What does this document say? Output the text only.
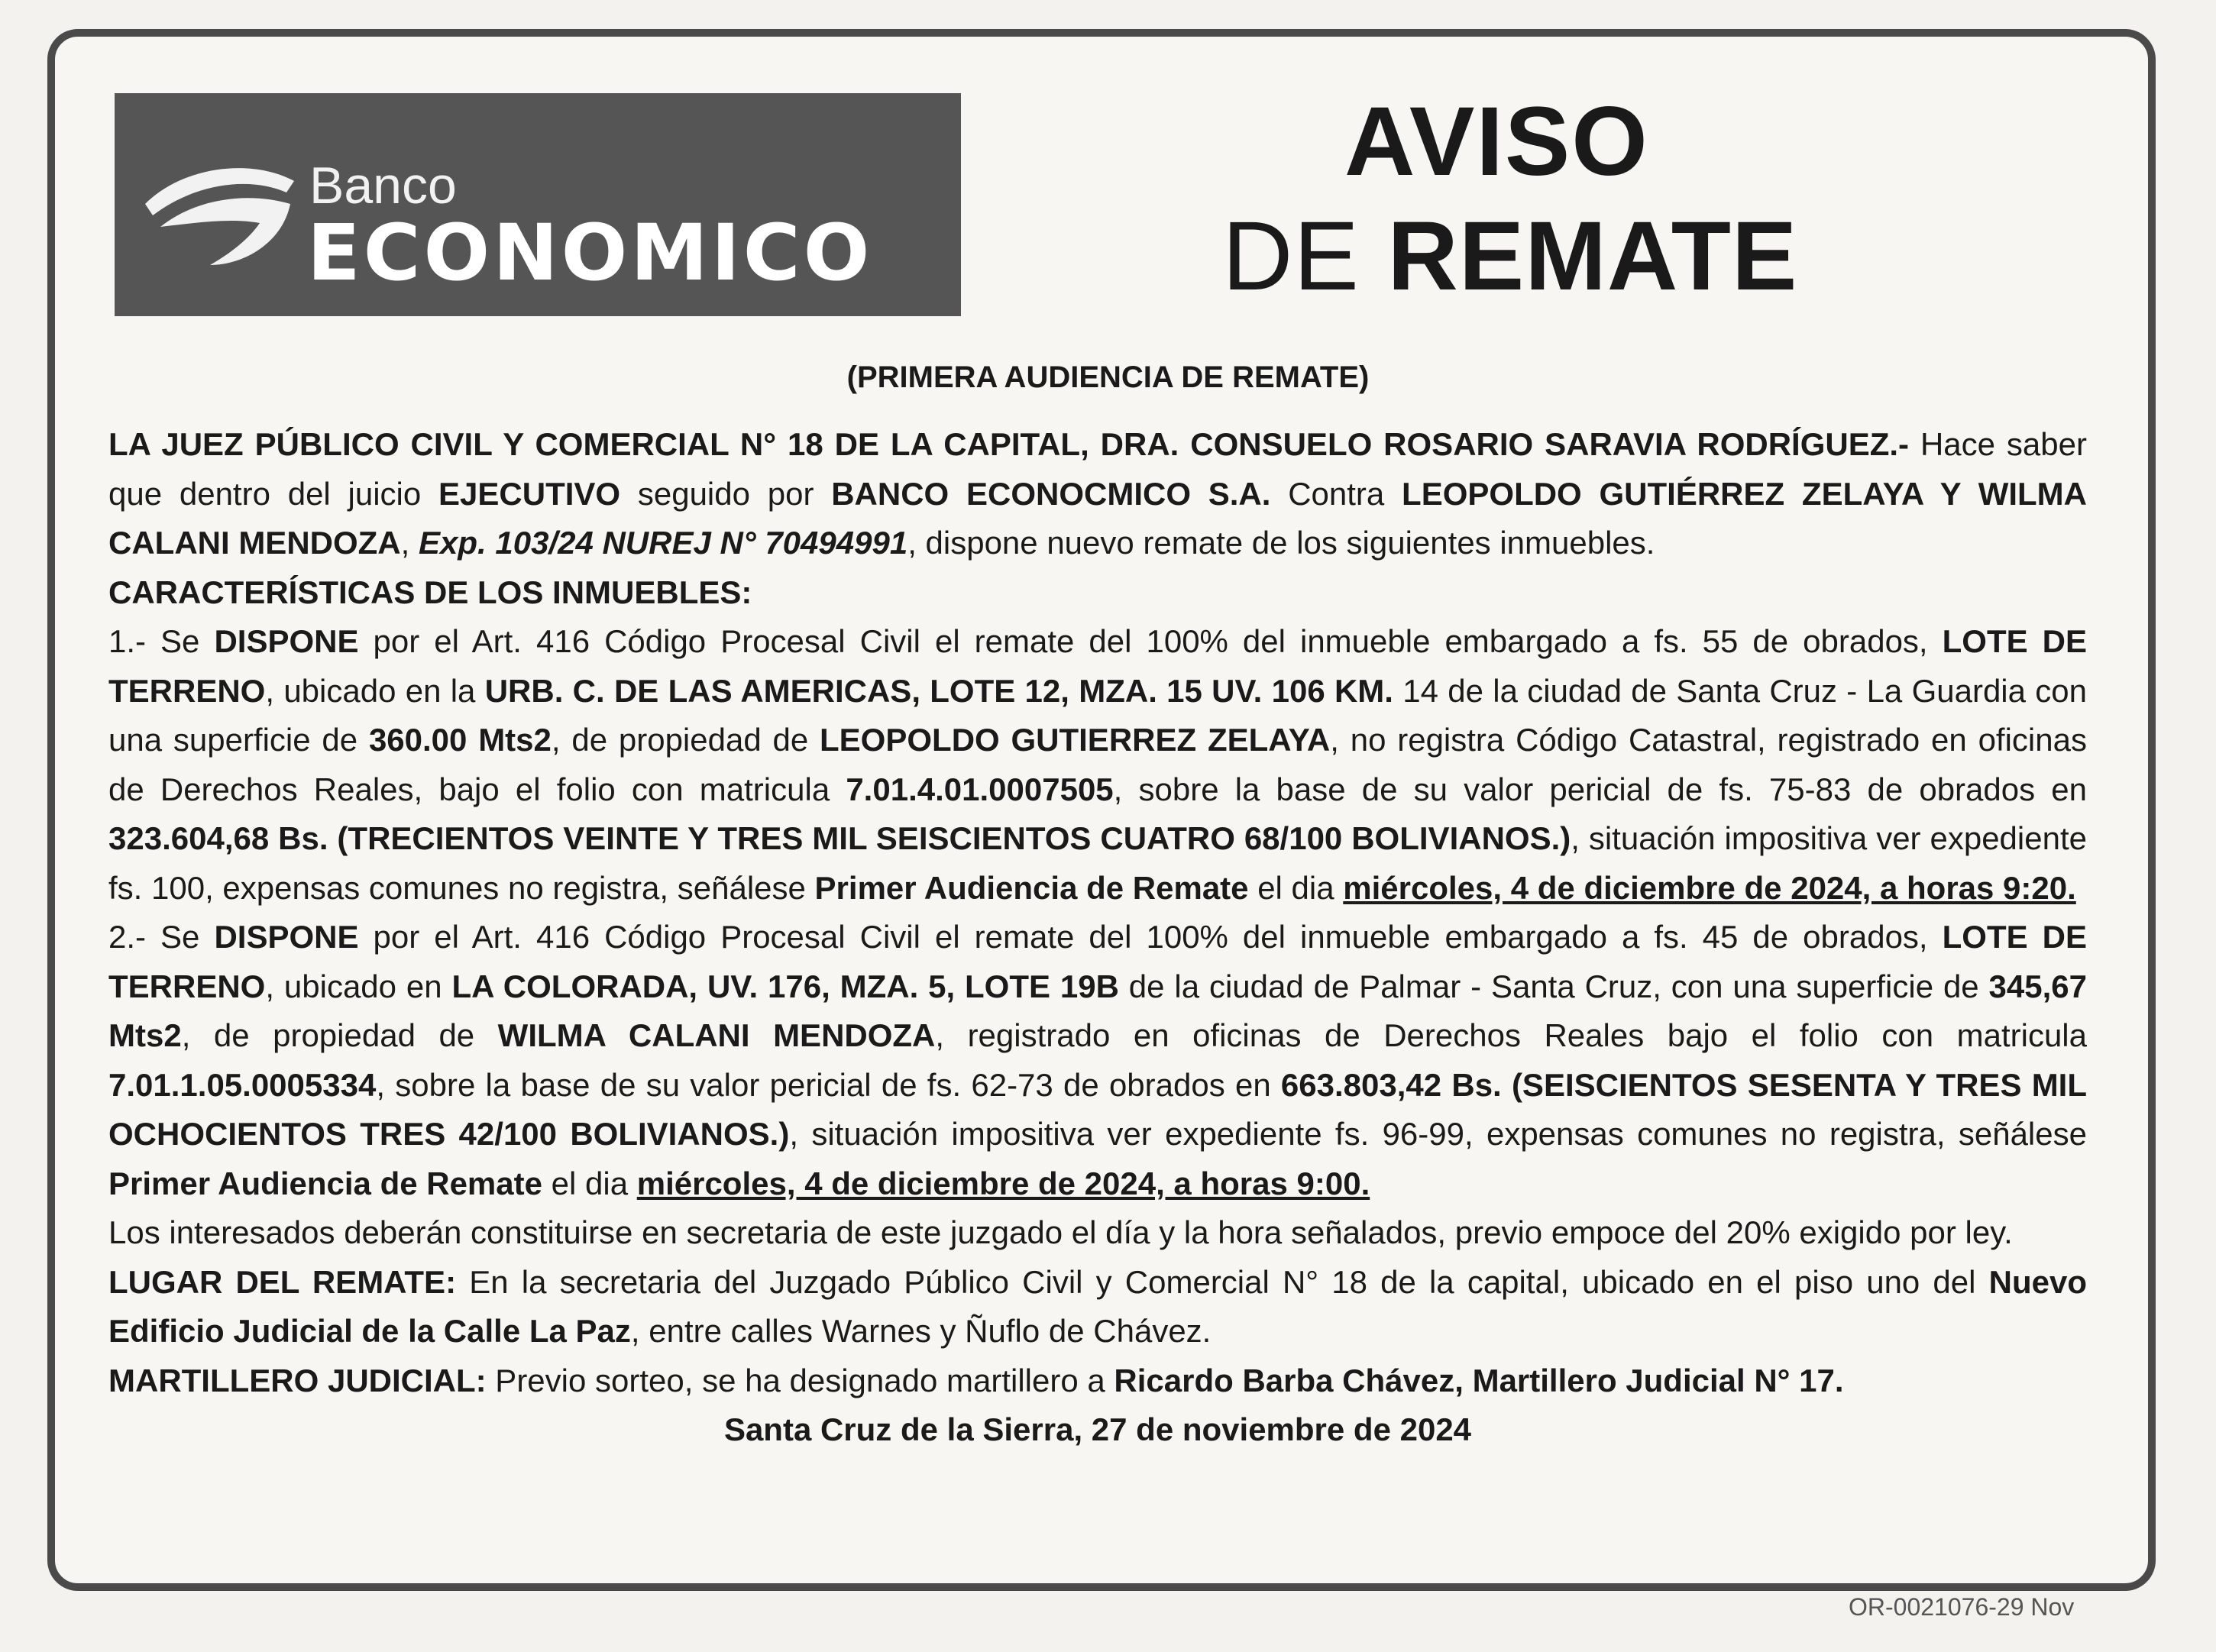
Banco
ECONOMICO
AVISO
DE REMATE
(PRIMERA AUDIENCIA DE REMATE)

LA JUEZ PÚBLICO CIVIL Y COMERCIAL N° 18 DE LA CAPITAL, DRA. CONSUELO ROSARIO SARAVIA RODRÍGUEZ.- Hace saber que dentro del juicio EJECUTIVO seguido por BANCO ECONOCMICO S.A. Contra LEOPOLDO GUTIÉRREZ ZELAYA Y WILMA CALANI MENDOZA, Exp. 103/24 NUREJ N° 70494991, dispone nuevo remate de los siguientes inmuebles.

CARACTERÍSTICAS DE LOS INMUEBLES:

1.- Se DISPONE por el Art. 416 Código Procesal Civil el remate del 100% del inmueble embargado a fs. 55 de obrados, LOTE DE TERRENO, ubicado en la URB. C. DE LAS AMERICAS, LOTE 12, MZA. 15 UV. 106 KM. 14 de la ciudad de Santa Cruz - La Guardia con una superficie de 360.00 Mts2, de propiedad de LEOPOLDO GUTIERREZ ZELAYA, no registra Código Catastral, registrado en oficinas de Derechos Reales, bajo el folio con matricula 7.01.4.01.0007505, sobre la base de su valor pericial de fs. 75-83 de obrados en 323.604,68 Bs. (TRECIENTOS VEINTE Y TRES MIL SEISCIENTOS CUATRO 68/100 BOLIVIANOS.), situación impositiva ver expediente fs. 100, expensas comunes no registra, señálese Primer Audiencia de Remate el dia miércoles, 4 de diciembre de 2024, a horas 9:20.

2.- Se DISPONE por el Art. 416 Código Procesal Civil el remate del 100% del inmueble embargado a fs. 45 de obrados, LOTE DE TERRENO, ubicado en LA COLORADA, UV. 176, MZA. 5, LOTE 19B de la ciudad de Palmar - Santa Cruz, con una superficie de 345,67 Mts2, de propiedad de WILMA CALANI MENDOZA, registrado en oficinas de Derechos Reales bajo el folio con matricula 7.01.1.05.0005334, sobre la base de su valor pericial de fs. 62-73 de obrados en 663.803,42 Bs. (SEISCIENTOS SESENTA Y TRES MIL OCHOCIENTOS TRES 42/100 BOLIVIANOS.), situación impositiva ver expediente fs. 96-99, expensas comunes no registra, señálese Primer Audiencia de Remate el dia miércoles, 4 de diciembre de 2024, a horas 9:00.

Los interesados deberán constituirse en secretaria de este juzgado el día y la hora señalados, previo empoce del 20% exigido por ley.

LUGAR DEL REMATE: En la secretaria del Juzgado Público Civil y Comercial N° 18 de la capital, ubicado en el piso uno del Nuevo Edificio Judicial de la Calle La Paz, entre calles Warnes y Ñuflo de Chávez.

MARTILLERO JUDICIAL: Previo sorteo, se ha designado martillero a Ricardo Barba Chávez, Martillero Judicial N° 17.

Santa Cruz de la Sierra, 27 de noviembre de 2024

OR-0021076-29 Nov
